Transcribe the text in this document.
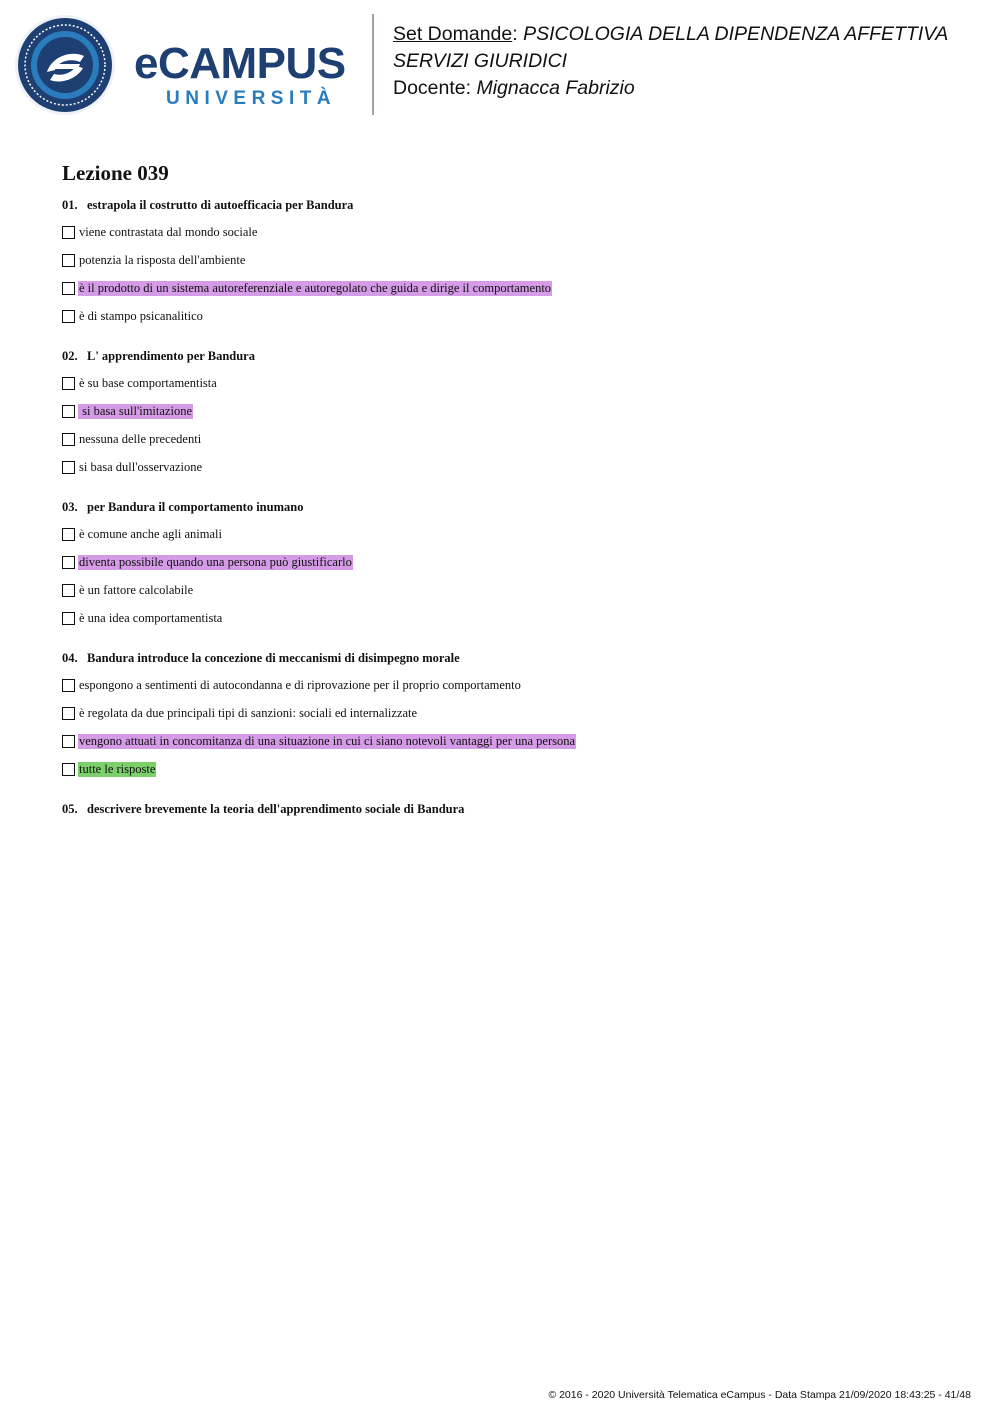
eCAMPUS
UNIVERSITÀ
Set Domande: PSICOLOGIA DELLA DIPENDENZA AFFETTIVA
SERVIZI GIURIDICI
Docente: Mignacca Fabrizio
Lezione 039
01. estrapola il costrutto di autoefficacia per Bandura
viene contrastata dal mondo sociale
potenzia la risposta dell'ambiente
è il prodotto di un sistema autoreferenziale e autoregolato che guida e dirige il comportamento
è di stampo psicanalitico
02. L' apprendimento per Bandura
è su base comportamentista
si basa sull'imitazione
nessuna delle precedenti
si basa dull'osservazione
03. per Bandura il comportamento inumano
è comune anche agli animali
diventa possibile quando una persona può giustificarlo
è un fattore calcolabile
è una idea comportamentista
04. Bandura introduce la concezione di meccanismi di disimpegno morale
espongono a sentimenti di autocondanna e di riprovazione per il proprio comportamento
è regolata da due principali tipi di sanzioni: sociali ed internalizzate
vengono attuati in concomitanza di una situazione in cui ci siano notevoli vantaggi per una persona
tutte le risposte
05. descrivere brevemente la teoria dell'apprendimento sociale di Bandura
© 2016 - 2020 Università Telematica eCampus - Data Stampa 21/09/2020 18:43:25 - 41/48
